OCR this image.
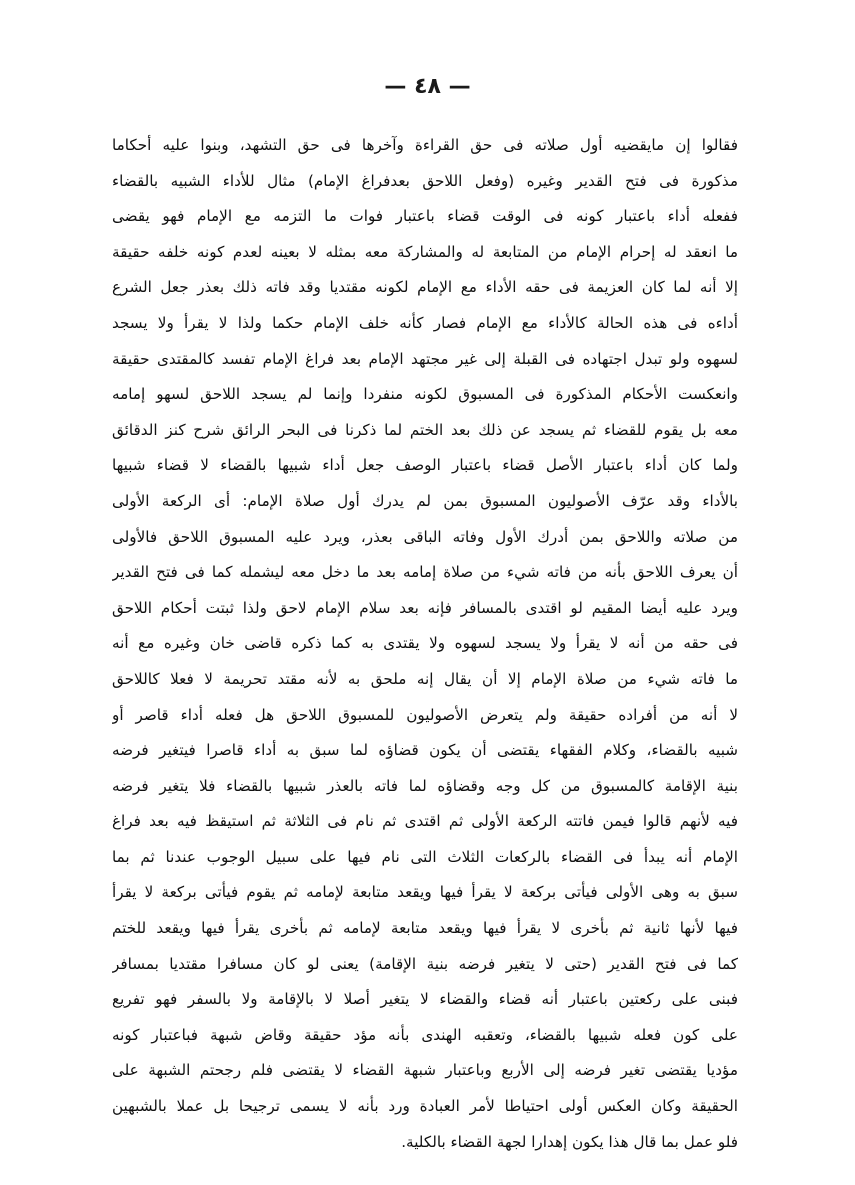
— ٤٨ —
فقالوا إن مايقضيه أول صلاته فى حق القراءة وآخرها فى حق التشهد، وبنوا عليه أحكاما
مذكورة فى فتح القدير وغيره (وفعل اللاحق بعدفراغ الإمام) مثال للأداء الشبيه بالقضاء
ففعله أداء باعتبار كونه فى الوقت قضاء باعتبار فوات ما التزمه مع الإمام فهو يقضى
ما انعقد له إحرام الإمام من المتابعة له والمشاركة معه بمثله لا بعينه لعدم كونه خلفه حقيقة
إلا أنه لما كان العزيمة فى حقه الأداء مع الإمام لكونه مقتديا وقد فاته ذلك بعذر جعل الشرع
أداءه فى هذه الحالة كالأداء مع الإمام فصار كأنه خلف الإمام حكما ولذا لا يقرأ ولا يسجد
لسهوه ولو تبدل اجتهاده فى القبلة إلى غير مجتهد الإمام بعد فراغ الإمام تفسد كالمقتدى حقيقة
وانعكست الأحكام المذكورة فى المسبوق لكونه منفردا وإنما لم يسجد اللاحق لسهو إمامه
معه بل يقوم للقضاء ثم يسجد عن ذلك بعد الختم لما ذكرنا فى البحر الرائق شرح كنز الدقائق
ولما كان أداء باعتبار الأصل قضاء باعتبار الوصف جعل أداء شبيها بالقضاء لا قضاء شبيها
بالأداء وقد عرّف الأصوليون المسبوق بمن لم يدرك أول صلاة الإمام: أى الركعة الأولى
من صلاته واللاحق بمن أدرك الأول وفاته الباقى بعذر، ويرد عليه المسبوق اللاحق فالأولى
أن يعرف اللاحق بأنه من فاته شيء من صلاة إمامه بعد ما دخل معه ليشمله كما فى فتح القدير
ويرد عليه أيضا المقيم لو اقتدى بالمسافر فإنه بعد سلام الإمام لاحق ولذا ثبتت أحكام اللاحق
فى حقه من أنه لا يقرأ ولا يسجد لسهوه ولا يقتدى به كما ذكره قاضى خان وغيره مع أنه
ما فاته شيء من صلاة الإمام إلا أن يقال إنه ملحق به لأنه مقتد تحريمة لا فعلا كاللاحق
لا أنه من أفراده حقيقة ولم يتعرض الأصوليون للمسبوق اللاحق هل فعله أداء قاصر أو
شبيه بالقضاء، وكلام الفقهاء يقتضى أن يكون قضاؤه لما سبق به أداء قاصرا فيتغير فرضه
بنية الإقامة كالمسبوق من كل وجه وقضاؤه لما فاته بالعذر شبيها بالقضاء فلا يتغير فرضه
فيه لأنهم قالوا فيمن فاتته الركعة الأولى ثم اقتدى ثم نام فى الثلاثة ثم استيقظ فيه بعد فراغ
الإمام أنه يبدأ فى القضاء بالركعات الثلاث التى نام فيها على سبيل الوجوب عندنا ثم بما
سبق به وهى الأولى فيأتى بركعة لا يقرأ فيها ويقعد متابعة لإمامه ثم يقوم فيأتى بركعة لا يقرأ
فيها لأنها ثانية ثم بأخرى لا يقرأ فيها ويقعد متابعة لإمامه ثم بأخرى يقرأ فيها ويقعد للختم
كما فى فتح القدير (حتى لا يتغير فرضه بنية الإقامة) يعنى لو كان مسافرا مقتديا بمسافر
فبنى على ركعتين باعتبار أنه قضاء والقضاء لا يتغير أصلا لا بالإقامة ولا بالسفر فهو تفريع
على كون فعله شبيها بالقضاء، وتعقبه الهندى بأنه مؤد حقيقة وقاض شبهة فباعتبار كونه
مؤديا يقتضى تغير فرضه إلى الأربع وباعتبار شبهة القضاء لا يقتضى فلم رجحتم الشبهة على
الحقيقة وكان العكس أولى احتياطا لأمر العبادة ورد بأنه لا يسمى ترجيحا بل عملا بالشبهين
فلو عمل بما قال هذا يكون إهدارا لجهة القضاء بالكلية.
